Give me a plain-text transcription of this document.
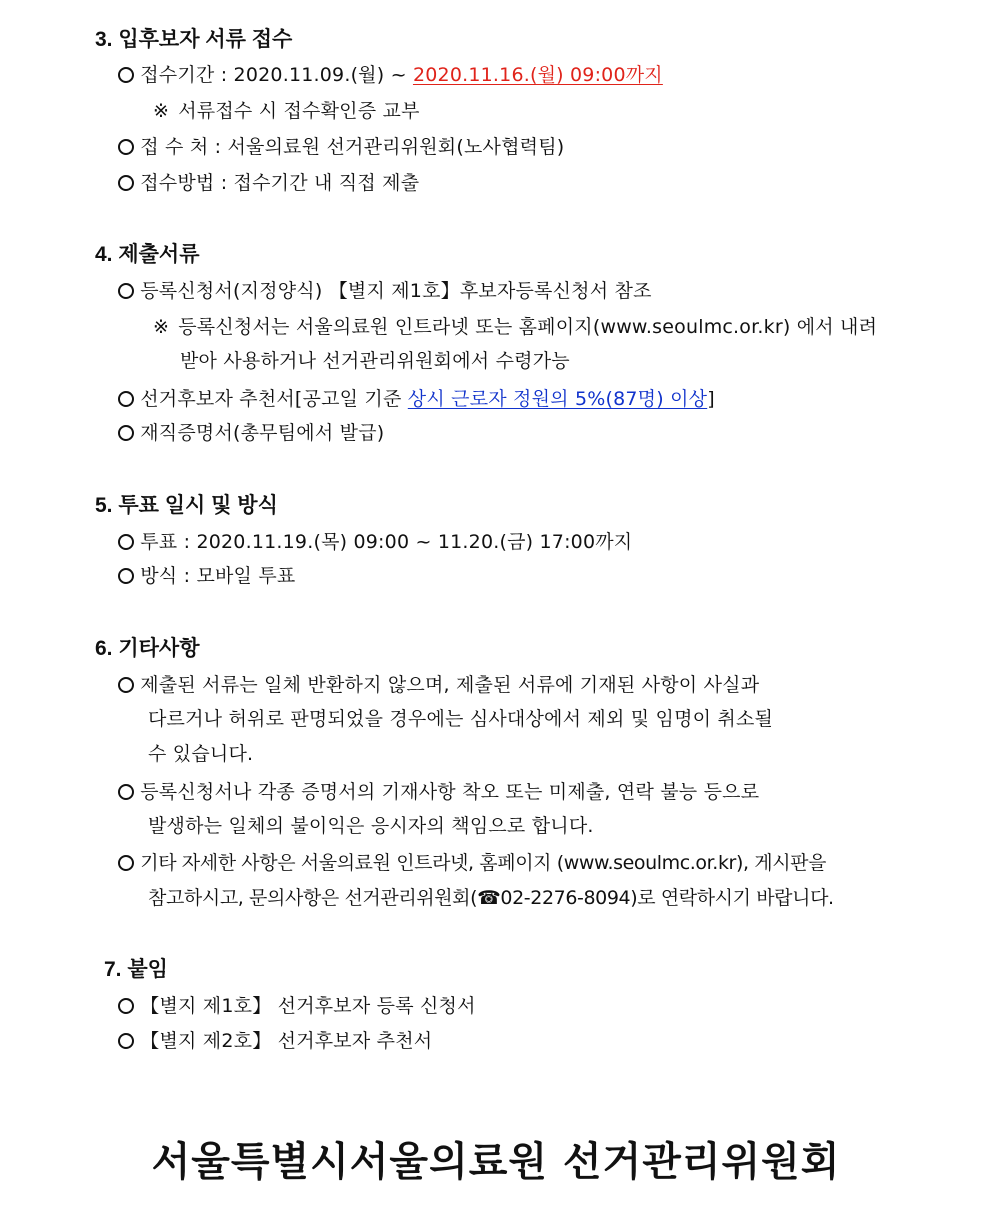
3. 입후보자 서류 접수
접수기간 : 2020.11.09.(월) ~ 2020.11.16.(월) 09:00까지
※ 서류접수 시 접수확인증 교부
접 수 처 : 서울의료원 선거관리위원회(노사협력팀)
접수방법 : 접수기간 내 직접 제출
4. 제출서류
등록신청서(지정양식) 【별지 제1호】후보자등록신청서 참조
※ 등록신청서는 서울의료원 인트라넷 또는 홈페이지(www.seoulmc.or.kr) 에서 내려
받아 사용하거나 선거관리위원회에서 수령가능
선거후보자 추천서[공고일 기준 상시 근로자 정원의 5%(87명) 이상]
재직증명서(총무팀에서 발급)
5. 투표 일시 및 방식
투표 : 2020.11.19.(목) 09:00 ~ 11.20.(금) 17:00까지
방식 : 모바일 투표
6. 기타사항
제출된 서류는 일체 반환하지 않으며, 제출된 서류에 기재된 사항이 사실과
다르거나 허위로 판명되었을 경우에는 심사대상에서 제외 및 임명이 취소될
수 있습니다.
등록신청서나 각종 증명서의 기재사항 착오 또는 미제출, 연락 불능 등으로
발생하는 일체의 불이익은 응시자의 책임으로 합니다.
기타 자세한 사항은 서울의료원 인트라넷, 홈페이지 (www.seoulmc.or.kr), 게시판을
참고하시고, 문의사항은 선거관리위원회(☎02-2276-8094)로 연락하시기 바랍니다.
7. 붙임
【별지 제1호】 선거후보자 등록 신청서
【별지 제2호】 선거후보자 추천서
서울특별시서울의료원 선거관리위원회
